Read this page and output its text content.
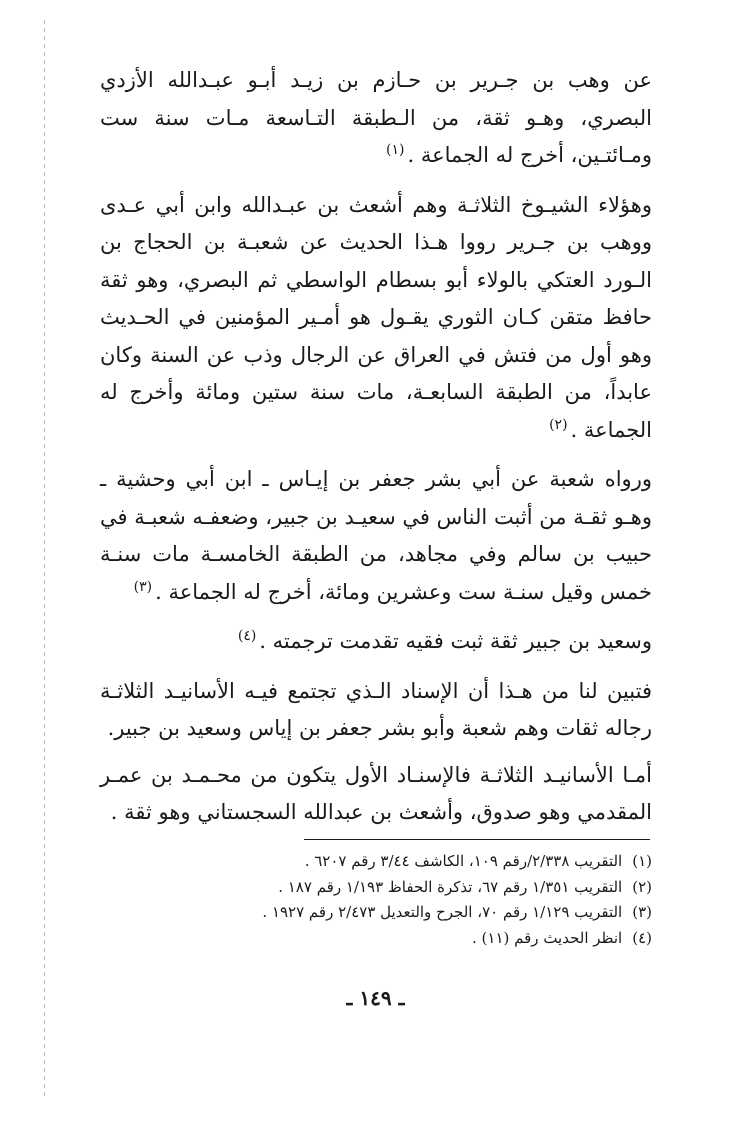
عن وهب بن جـرير بن حـازم بن زيـد أبـو عبـدالله الأزدي البصري، وهـو ثقة، من الـطبقة التـاسعة مـات سنة ست ومـائتـين، أخرج له الجماعة .$^{(١)}$

وهؤلاء الشيـوخ الثلاثـة وهم أشعث بن عبـدالله وابن أبي عـدى ووهب بن جـرير رووا هـذا الحديث عن شعبـة بن الحجاج بن الـورد العتكي بالولاء أبو بسطام الواسطي ثم البصري، وهو ثقة حافظ متقن كـان الثوري يقـول هو أمـير المؤمنين في الحـديث وهو أول من فتش في العراق عن الرجال وذب عن السنة وكان عابداً، من الطبقة السابعـة، مات سنة ستين ومائة وأخرج له الجماعة .$^{(٢)}$

ورواه شعبة عن أبي بشر جعفر بن إيـاس ـ ابن أبي وحشية ـ وهـو ثقـة من أثبت الناس في سعيـد بن جبير، وضعفـه شعبـة في حبيب بن سالم وفي مجاهد، من الطبقة الخامسـة مات سنـة خمس وقيل سنـة ست وعشرين ومائة، أخرج له الجماعة .$^{(٣)}$

وسعيد بن جبير ثقة ثبت فقيه تقدمت ترجمته .$^{(٤)}$

فتبين لنا من هـذا أن الإسناد الـذي تجتمع فيـه الأسانيـد الثلاثـة رجاله ثقات وهم شعبة وأبو بشر جعفر بن إياس وسعيد بن جبير.

أمـا الأسانيـد الثلاثـة فالإسنـاد الأول يتكون من محـمـد بن عمـر المقدمي وهو صدوق، وأشعث بن عبدالله السجستاني وهو ثقة .

(١)التقريب ٢/٣٣٨/رقم ١٠٩، الكاشف ٣/٤٤ رقم ٦٢٠٧ .
(٢)التقريب ١/٣٥١ رقم ٦٧، تذكرة الحفاظ ١/١٩٣ رقم ١٨٧ .
(٣)التقريب ١/١٢٩ رقم ٧٠، الجرح والتعديل ٢/٤٧٣ رقم ١٩٢٧ .
(٤)انظر الحديث رقم (١١) .
ـ ١٤٩ ـ
